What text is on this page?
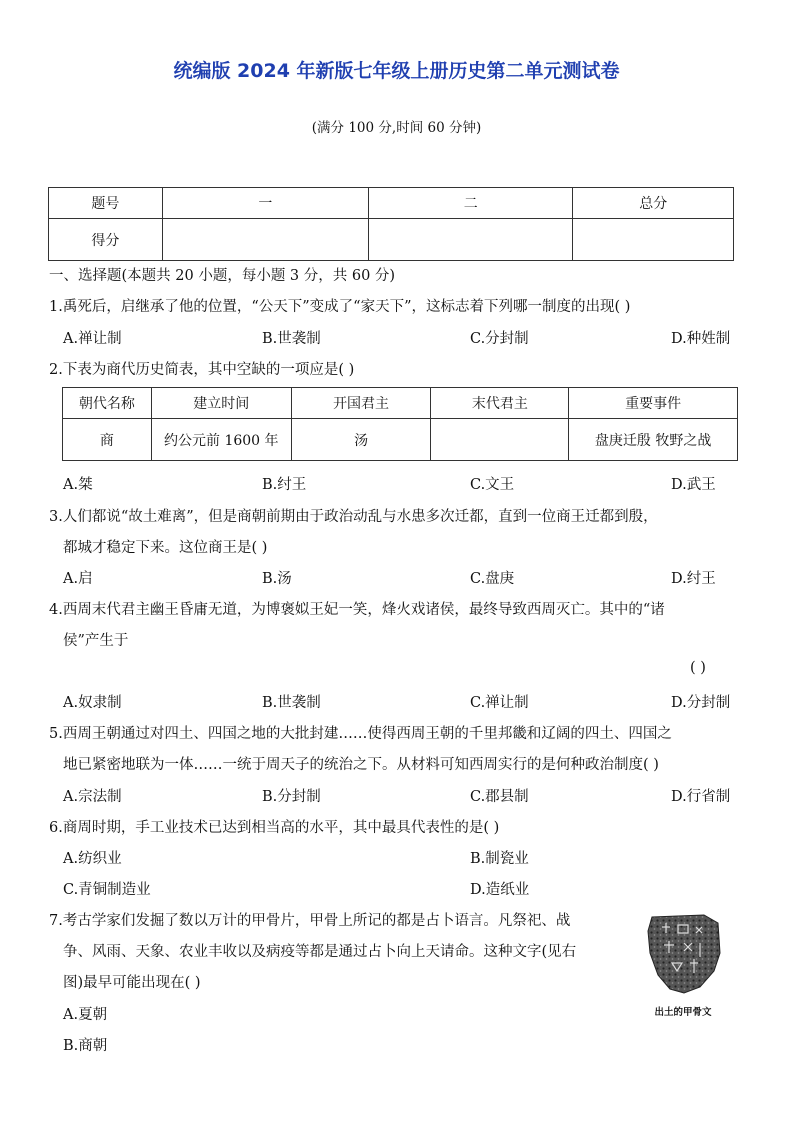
统编版 2024 年新版七年级上册历史第二单元测试卷
(满分 100 分,时间 60 分钟)
题号	一	二	总分
得分			
一、选择题(本题共 20 小题，每小题 3 分，共 60 分)
1.禹死后，启继承了他的位置，“公天下”变成了“家天下”，这标志着下列哪一制度的出现( )
A.禅让制	B.世袭制	C.分封制	D.种姓制
2.下表为商代历史简表，其中空缺的一项应是( )
朝代名称	建立时间	开国君主	末代君主	重要事件
商	约公元前 1600 年	汤		盘庚迁殷 牧野之战
A.桀	B.纣王	C.文王	D.武王
3.人们都说“故土难离”，但是商朝前期由于政治动乱与水患多次迁都，直到一位商王迁都到殷，
都城才稳定下来。这位商王是( )
A.启	B.汤	C.盘庚	D.纣王
4.西周末代君主幽王昏庸无道，为博褒姒王妃一笑，烽火戏诸侯，最终导致西周灭亡。其中的“诸
侯”产生于
( )
A.奴隶制	B.世袭制	C.禅让制	D.分封制
5.西周王朝通过对四土、四国之地的大批封建……使得西周王朝的千里邦畿和辽阔的四土、四国之
地已紧密地联为一体……一统于周天子的统治之下。从材料可知西周实行的是何种政治制度( )
A.宗法制	B.分封制	C.郡县制	D.行省制
6.商周时期，手工业技术已达到相当高的水平，其中最具代表性的是( )
A.纺织业	B.制瓷业
C.青铜制造业	D.造纸业
7.考古学家们发掘了数以万计的甲骨片，甲骨上所记的都是占卜语言。凡祭祀、战
争、风雨、天象、农业丰收以及病疫等都是通过占卜向上天请命。这种文字(见右
图)最早可能出现在( )
A.夏朝
B.商朝
出土的甲骨文
